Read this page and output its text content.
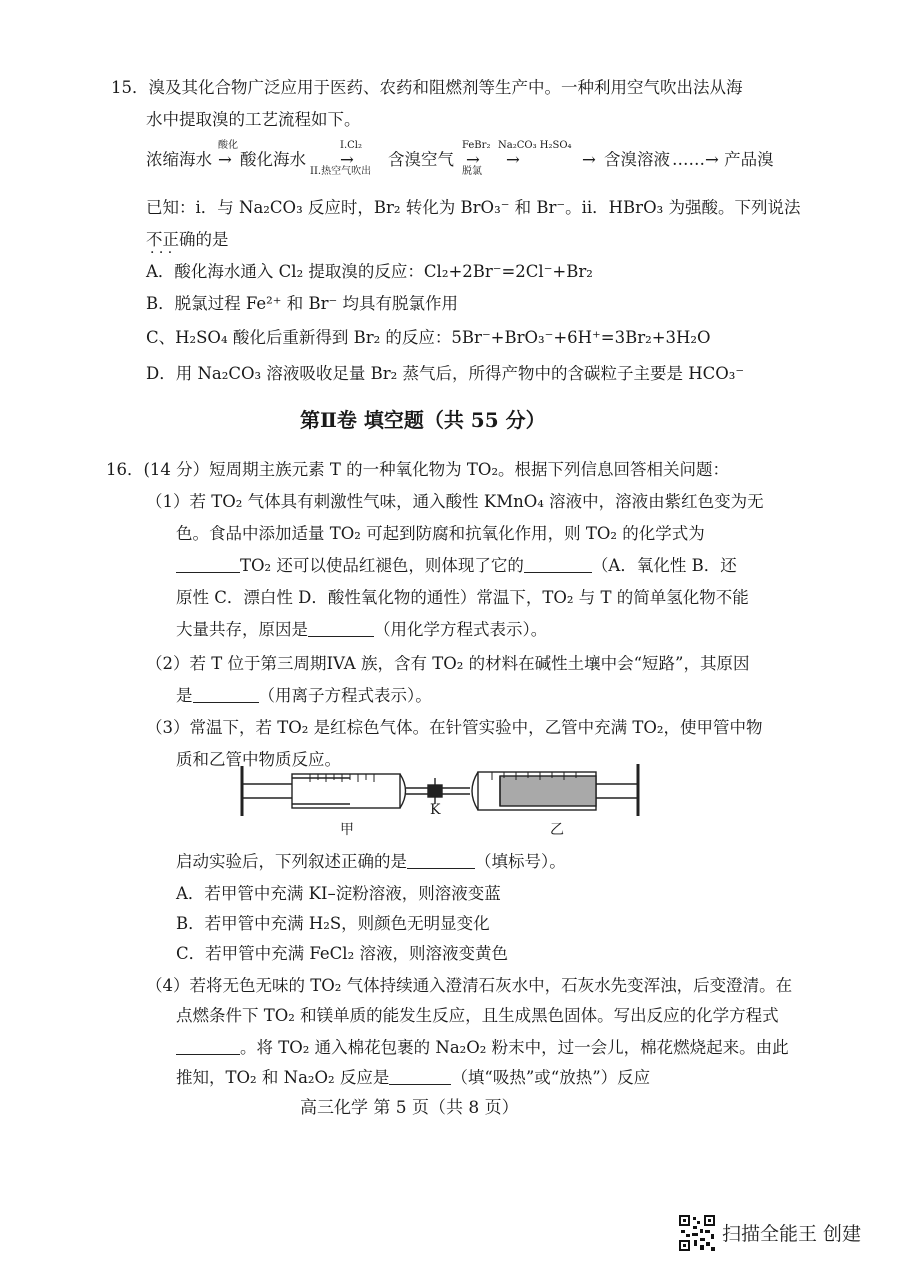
15．溴及其化合物广泛应用于医药、农药和阻燃剂等生产中。一种利用空气吹出法从海
水中提取溴的工艺流程如下。
浓缩海水
酸化
→ 酸化海水
I.Cl₂
→
II.热空气吹出
含溴空气
FeBr₂
→
脱氯
Na₂CO₃ H₂SO₄
→	→ 含溴溶液 ……→ 产品溴
已知：i．与 Na₂CO₃ 反应时，Br₂ 转化为 BrO₃⁻ 和 Br⁻。ii．HBrO₃ 为强酸。下列说法
不正确的是
· · ·
A．酸化海水通入 Cl₂ 提取溴的反应：Cl₂+2Br⁻=2Cl⁻+Br₂
B．脱氯过程 Fe²⁺ 和 Br⁻ 均具有脱氯作用
C、H₂SO₄ 酸化后重新得到 Br₂ 的反应：5Br⁻+BrO₃⁻+6H⁺=3Br₂+3H₂O
D．用 Na₂CO₃ 溶液吸收足量 Br₂ 蒸气后，所得产物中的含碳粒子主要是 HCO₃⁻
第Ⅱ卷 填空题（共 55 分）
16．(14 分）短周期主族元素 T 的一种氧化物为 TO₂。根据下列信息回答相关问题：
（1）若 TO₂ 气体具有刺激性气味，通入酸性 KMnO₄ 溶液中，溶液由紫红色变为无
色。食品中添加适量 TO₂ 可起到防腐和抗氧化作用，则 TO₂ 的化学式为
TO₂ 还可以使品红褪色，则体现了它的	（A．氧化性 B．还
原性 C．漂白性 D．酸性氧化物的通性）常温下，TO₂ 与 T 的简单氢化物不能
大量共存，原因是	（用化学方程式表示）。
（2）若 T 位于第三周期IVA 族，含有 TO₂ 的材料在碱性土壤中会“短路”，其原因
是	（用离子方程式表示）。
（3）常温下，若 TO₂ 是红棕色气体。在针管实验中，乙管中充满 TO₂，使甲管中物
质和乙管中物质反应。
K
甲	乙
启动实验后，下列叙述正确的是	（填标号）。
A．若甲管中充满 KI–淀粉溶液，则溶液变蓝
B．若甲管中充满 H₂S，则颜色无明显变化
C．若甲管中充满 FeCl₂ 溶液，则溶液变黄色
（4）若将无色无味的 TO₂ 气体持续通入澄清石灰水中，石灰水先变浑浊，后变澄清。在
点燃条件下 TO₂ 和镁单质的能发生反应，且生成黑色固体。写出反应的化学方程式
。将 TO₂ 通入棉花包裹的 Na₂O₂ 粉末中，过一会儿，棉花燃烧起来。由此
推知，TO₂ 和 Na₂O₂ 反应是	（填“吸热”或“放热”）反应
高三化学 第 5 页（共 8 页）
扫描全能王 创建
